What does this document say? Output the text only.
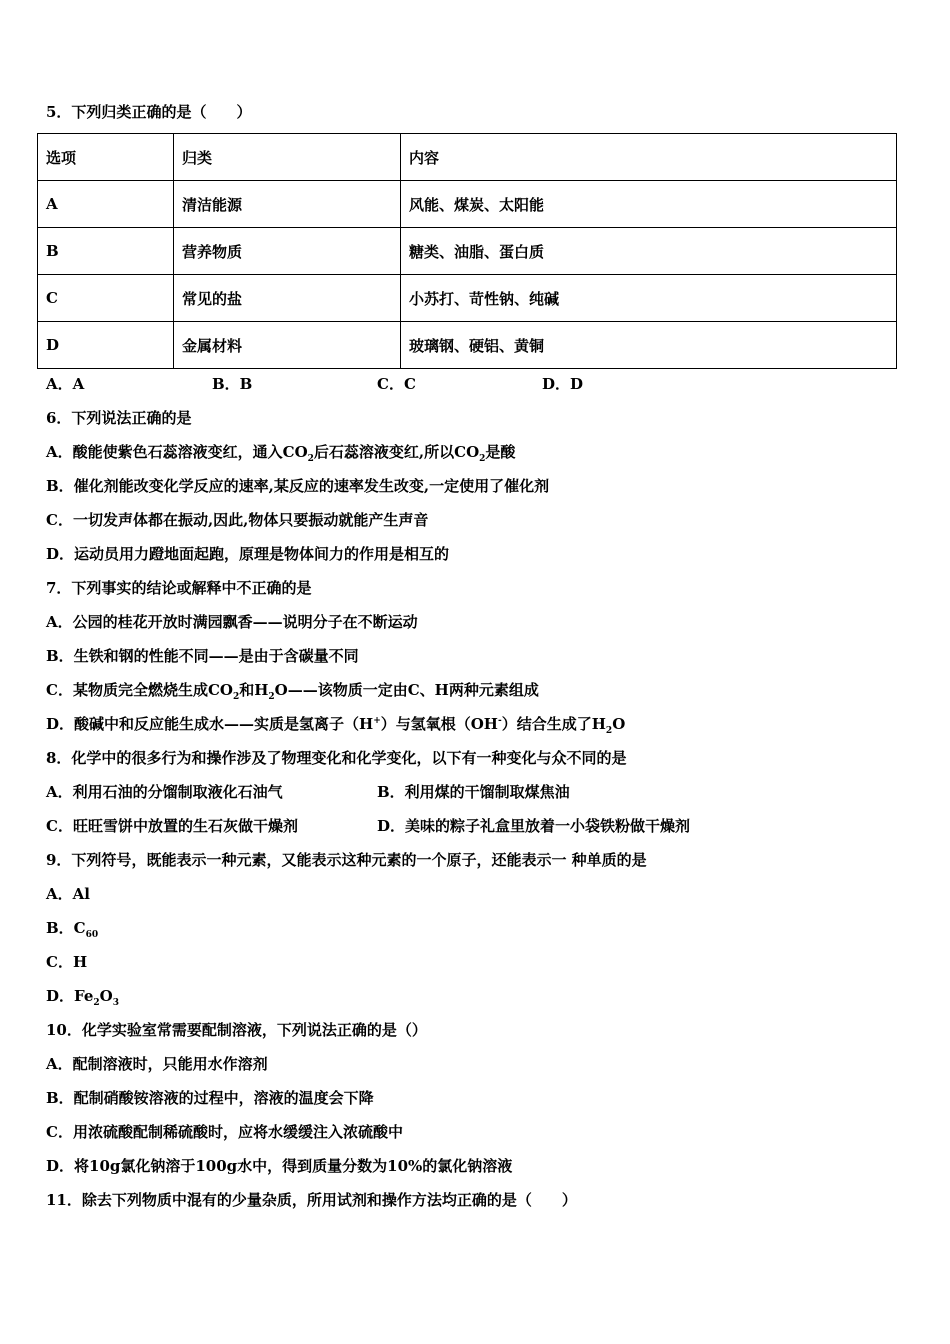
5．下列归类正确的是（　　）
选项	归类	内容
A	清洁能源	风能、煤炭、太阳能
B	营养物质	糖类、油脂、蛋白质
C	常见的盐	小苏打、苛性钠、纯碱
D	金属材料	玻璃钢、硬铝、黄铜
A．A	B．B	C．C	D．D
6．下列说法正确的是
A．酸能使紫色石蕊溶液变红，通入$CO_2$后石蕊溶液变红,所以$CO_2$是酸
B．催化剂能改变化学反应的速率,某反应的速率发生改变,一定使用了催化剂
C．一切发声体都在振动,因此,物体只要振动就能产生声音
D．运动员用力蹬地面起跑，原理是物体间力的作用是相互的
7．下列事实的结论或解释中不正确的是
A．公园的桂花开放时满园飘香——说明分子在不断运动
B．生铁和钢的性能不同——是由于含碳量不同
C．某物质完全燃烧生成$CO_2$和$H_2O——$该物质一定由C、H两种元素组成
D．酸碱中和反应能生成水——实质是氢离子（H+）与氢氧根（OH-）结合生成了$H_2O$
8．化学中的很多行为和操作涉及了物理变化和化学变化，以下有一种变化与众不同的是
A．利用石油的分馏制取液化石油气	B．利用煤的干馏制取煤焦油
C．旺旺雪饼中放置的生石灰做干燥剂	D．美味的粽子礼盒里放着一小袋铁粉做干燥剂
9．下列符号，既能表示一种元素，又能表示这种元素的一个原子，还能表示一 种单质的是
A．Al
B．$C_{60}$
C．H
D．$Fe_2O_3$
10．化学实验室常需要配制溶液，下列说法正确的是（）
A．配制溶液时，只能用水作溶剂
B．配制硝酸铵溶液的过程中，溶液的温度会下降
C．用浓硫酸配制稀硫酸时，应将水缓缓注入浓硫酸中
D．将10g氯化钠溶于100g水中，得到质量分数为10%的氯化钠溶液
11．除去下列物质中混有的少量杂质，所用试剂和操作方法均正确的是（　　）
